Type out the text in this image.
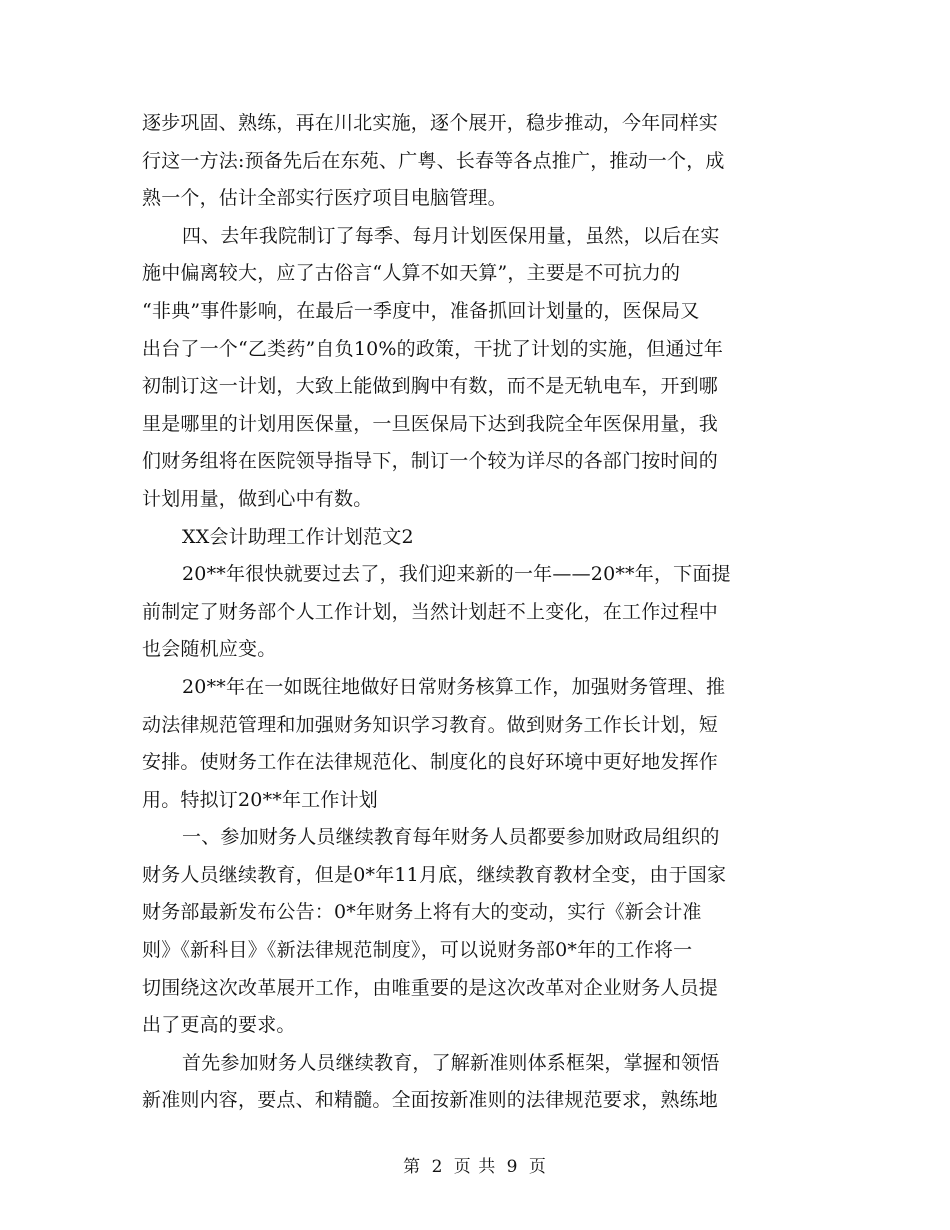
逐步巩固、熟练，再在川北实施，逐个展开，稳步推动，今年同样实
行这一方法:预备先后在东苑、广粤、长春等各点推广，推动一个，成
熟一个，估计全部实行医疗项目电脑管理。
四、去年我院制订了每季、每月计划医保用量，虽然，以后在实
施中偏离较大，应了古俗言“人算不如天算”，主要是不可抗力的
“非典”事件影响，在最后一季度中，准备抓回计划量的，医保局又
出台了一个“乙类药”自负10%的政策，干扰了计划的实施，但通过年
初制订这一计划，大致上能做到胸中有数，而不是无轨电车，开到哪
里是哪里的计划用医保量，一旦医保局下达到我院全年医保用量，我
们财务组将在医院领导指导下，制订一个较为详尽的各部门按时间的
计划用量，做到心中有数。
XX会计助理工作计划范文2
20**年很快就要过去了，我们迎来新的一年——20**年，下面提
前制定了财务部个人工作计划，当然计划赶不上变化，在工作过程中
也会随机应变。
20**年在一如既往地做好日常财务核算工作，加强财务管理、推
动法律规范管理和加强财务知识学习教育。做到财务工作长计划，短
安排。使财务工作在法律规范化、制度化的良好环境中更好地发挥作
用。特拟订20**年工作计划
一、参加财务人员继续教育每年财务人员都要参加财政局组织的
财务人员继续教育，但是0*年11月底，继续教育教材全变，由于国家
财务部最新发布公告：0*年财务上将有大的变动，实行《新会计准
则》《新科目》《新法律规范制度》，可以说财务部0*年的工作将一
切围绕这次改革展开工作，由唯重要的是这次改革对企业财务人员提
出了更高的要求。
首先参加财务人员继续教育，了解新准则体系框架，掌握和领悟
新准则内容，要点、和精髓。全面按新准则的法律规范要求，熟练地
第 2 页 共 9 页
